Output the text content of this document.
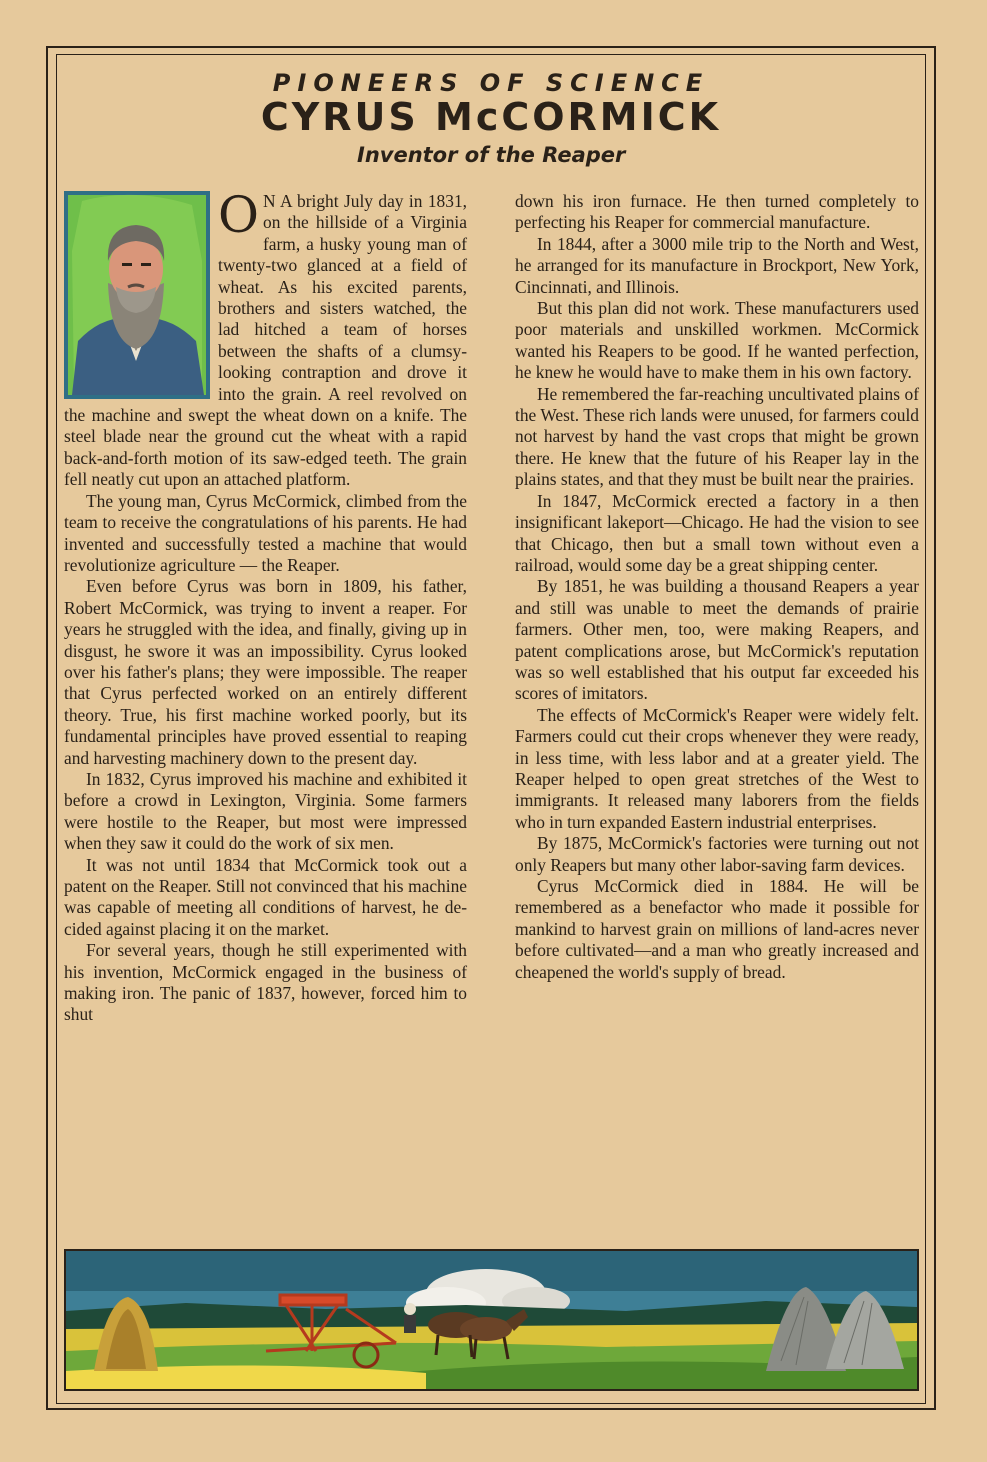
PIONEERS OF SCIENCE
CYRUS McCORMICK
Inventor of the Reaper

O N A bright July day in 1831, on the hillside of a Virginia farm, a husky young man of twenty-two glanced at a field of wheat. As his excited parents, brothers and sisters watched, the lad hitched a team of horses between the shafts of a clumsy-looking contraption and drove it into the grain. A reel revolved on the machine and swept the wheat down on a knife. The steel blade near the ground cut the wheat with a rapid back-and-forth motion of its saw-edged teeth. The grain fell neatly cut upon an attached platform.

The young man, Cyrus McCormick, climbed from the team to receive the congratulations of his parents. He had invented and successfully tested a machine that would revolutionize agriculture — the Reaper.

Even before Cyrus was born in 1809, his father, Robert McCormick, was trying to invent a reaper. For years he struggled with the idea, and finally, giving up in disgust, he swore it was an impossibility. Cyrus looked over his father's plans; they were impossible. The reaper that Cyrus perfected worked on an entirely different theory. True, his first machine worked poorly, but its fundamental principles have proved essential to reaping and harvesting machinery down to the present day.

In 1832, Cyrus improved his machine and exhibited it before a crowd in Lexington, Virginia. Some farmers were hostile to the Reaper, but most were impressed when they saw it could do the work of six men.

It was not until 1834 that McCormick took out a patent on the Reaper. Still not convinced that his machine was capable of meeting all conditions of harvest, he decided against placing it on the market.

For several years, though he still experimented with his invention, McCormick engaged in the business of making iron. The panic of 1837, however, forced him to shut

down his iron furnace. He then turned completely to perfecting his Reaper for commercial manufacture.

In 1844, after a 3000 mile trip to the North and West, he arranged for its manufacture in Brockport, New York, Cincinnati, and Illinois.

But this plan did not work. These manufacturers used poor materials and unskilled workmen. McCormick wanted his Reapers to be good. If he wanted perfection, he knew he would have to make them in his own factory.

He remembered the far-reaching uncultivated plains of the West. These rich lands were unused, for farmers could not harvest by hand the vast crops that might be grown there. He knew that the future of his Reaper lay in the plains states, and that they must be built near the prairies.

In 1847, McCormick erected a factory in a then insignificant lakeport—Chicago. He had the vision to see that Chicago, then but a small town without even a railroad, would some day be a great shipping center.

By 1851, he was building a thousand Reapers a year and still was unable to meet the demands of prairie farmers. Other men, too, were making Reapers, and patent complications arose, but McCormick's reputation was so well established that his output far exceeded his scores of imitators.

The effects of McCormick's Reaper were widely felt. Farmers could cut their crops whenever they were ready, in less time, with less labor and at a greater yield. The Reaper helped to open great stretches of the West to immigrants. It released many laborers from the fields who in turn expanded Eastern industrial enterprises.

By 1875, McCormick's factories were turning out not only Reapers but many other labor-saving farm devices.

Cyrus McCormick died in 1884. He will be remembered as a benefactor who made it possible for mankind to harvest grain on millions of land-acres never before cultivated—and a man who greatly increased and cheapened the world's supply of bread.
